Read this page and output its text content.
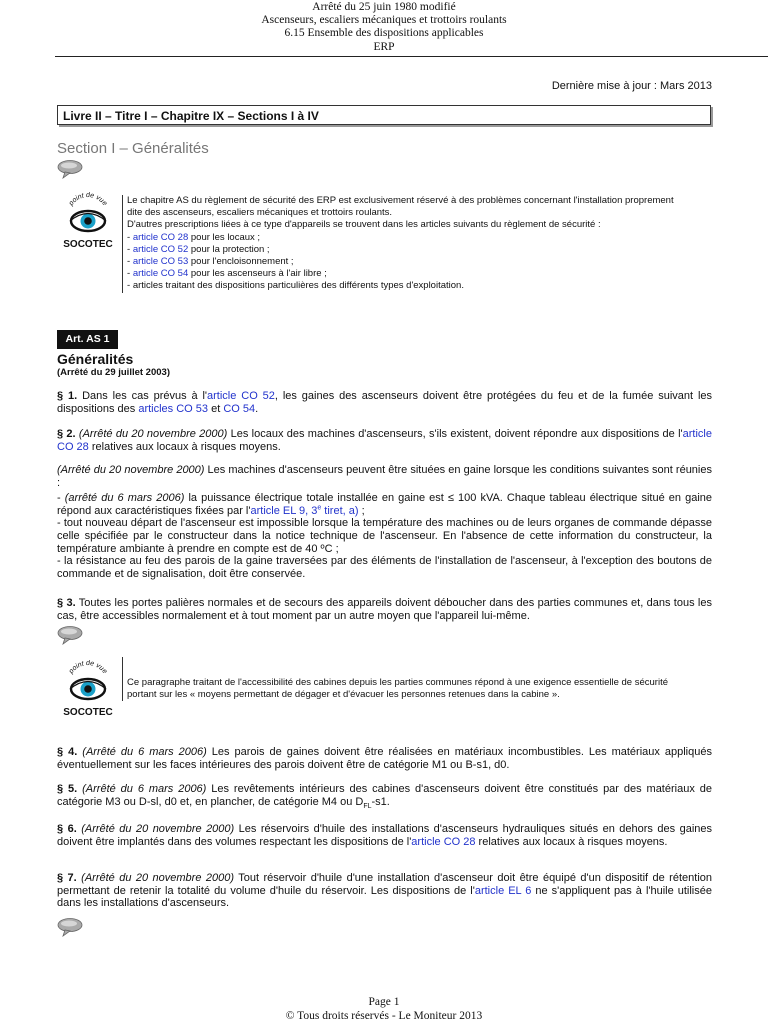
Arrêté du 25 juin 1980 modifié
Ascenseurs, escaliers mécaniques et trottoirs roulants
6.15 Ensemble des dispositions applicables
ERP
Dernière mise à jour : Mars 2013
Livre II – Titre I – Chapitre IX – Sections I à IV
Section I – Généralités
point de vue
SOCOTEC
Le chapitre AS du règlement de sécurité des ERP est exclusivement réservé à des problèmes concernant l'installation proprement dite des ascenseurs, escaliers mécaniques et trottoirs roulants.
D'autres prescriptions liées à ce type d'appareils se trouvent dans les articles suivants du règlement de sécurité :
- article CO 28 pour les locaux ;
- article CO 52 pour la protection ;
- article CO 53 pour l'encloisonnement ;
- article CO 54 pour les ascenseurs à l'air libre ;
- articles traitant des dispositions particulières des différents types d'exploitation.
Art. AS 1
Généralités
(Arrêté du 29 juillet 2003)

§ 1. Dans les cas prévus à l'article CO 52, les gaines des ascenseurs doivent être protégées du feu et de la fumée suivant les dispositions des articles CO 53 et CO 54.

§ 2. (Arrêté du 20 novembre 2000) Les locaux des machines d'ascenseurs, s'ils existent, doivent répondre aux dispositions de l'article CO 28 relatives aux locaux à risques moyens.

(Arrêté du 20 novembre 2000) Les machines d'ascenseurs peuvent être situées en gaine lorsque les conditions suivantes sont réunies :

- (arrêté du 6 mars 2006) la puissance électrique totale installée en gaine est ≤ 100 kVA. Chaque tableau électrique situé en gaine répond aux caractéristiques fixées par l'article EL 9, 3e tiret, a) ;

- tout nouveau départ de l'ascenseur est impossible lorsque la température des machines ou de leurs organes de commande dépasse celle spécifiée par le constructeur dans la notice technique de l'ascenseur. En l'absence de cette information du constructeur, la température ambiante à prendre en compte est de 40 ºC ;

- la résistance au feu des parois de la gaine traversées par des éléments de l'installation de l'ascenseur, à l'exception des boutons de commande et de signalisation, doit être conservée.

§ 3. Toutes les portes palières normales et de secours des appareils doivent déboucher dans des parties communes et, dans tous les cas, être accessibles normalement et à tout moment par un autre moyen que l'appareil lui-même.

point de vue
SOCOTEC
Ce paragraphe traitant de l'accessibilité des cabines depuis les parties communes répond à une exigence essentielle de sécurité portant sur les « moyens permettant de dégager et d'évacuer les personnes retenues dans la cabine ».

§ 4. (Arrêté du 6 mars 2006) Les parois de gaines doivent être réalisées en matériaux incombustibles. Les matériaux appliqués éventuellement sur les faces intérieures des parois doivent être de catégorie M1 ou B-s1, d0.

§ 5. (Arrêté du 6 mars 2006) Les revêtements intérieurs des cabines d'ascenseurs doivent être constitués par des matériaux de catégorie M3 ou D-sl, d0 et, en plancher, de catégorie M4 ou $D_{FL}-s1$.

§ 6. (Arrêté du 20 novembre 2000) Les réservoirs d'huile des installations d'ascenseurs hydrauliques situés en dehors des gaines doivent être implantés dans des volumes respectant les dispositions de l'article CO 28 relatives aux locaux à risques moyens.

§ 7. (Arrêté du 20 novembre 2000) Tout réservoir d'huile d'une installation d'ascenseur doit être équipé d'un dispositif de rétention permettant de retenir la totalité du volume d'huile du réservoir. Les dispositions de l'article EL 6 ne s'appliquent pas à l'huile utilisée dans les installations d'ascenseurs.

Page 1
© Tous droits réservés - Le Moniteur 2013
